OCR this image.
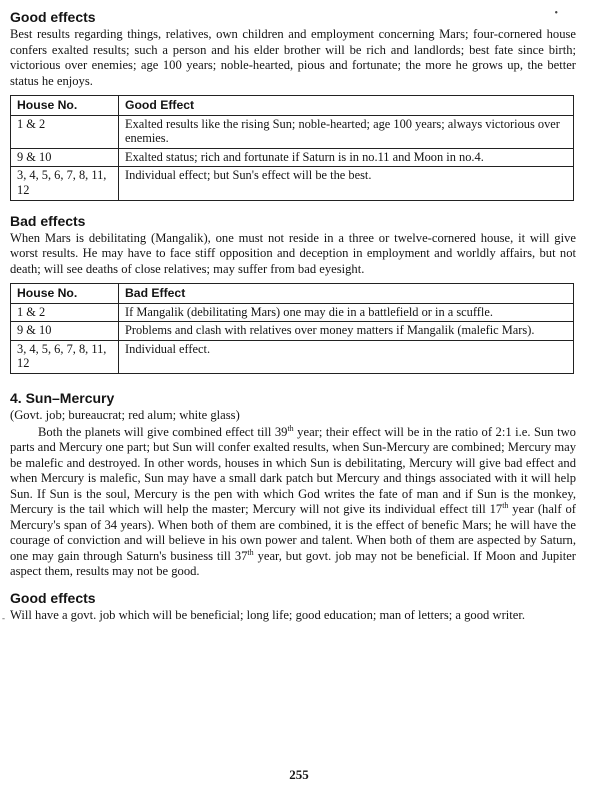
•
-
Good effects

Best results regarding things, relatives, own children and employment concerning Mars; four-cornered house confers exalted results; such a person and his elder brother will be rich and landlords; best fate since birth; victorious over enemies; age 100 years; noble-hearted, pious and fortunate; the more he grows up, the better status he enjoys.

House No.	Good Effect
1 & 2	Exalted results like the rising Sun; noble-hearted; age 100 years; always victorious over enemies.
9 & 10	Exalted status; rich and fortunate if Saturn is in no.11 and Moon in no.4.
3, 4, 5, 6, 7, 8, 11, 12	Individual effect; but Sun's effect will be the best.
Bad effects

When Mars is debilitating (Mangalik), one must not reside in a three or twelve-cornered house, it will give worst results. He may have to face stiff opposition and deception in employment and worldly affairs, but not death; will see deaths of close relatives; may suffer from bad eyesight.

House No.	Bad Effect
1 & 2	If Mangalik (debilitating Mars) one may die in a battlefield or in a scuffle.
9 & 10	Problems and clash with relatives over money matters if Mangalik (malefic Mars).
3, 4, 5, 6, 7, 8, 11, 12	Individual effect.
4. Sun–Mercury

(Govt. job; bureaucrat; red alum; white glass)

Both the planets will give combined effect till 39th year; their effect will be in the ratio of 2:1 i.e. Sun two parts and Mercury one part; but Sun will confer exalted results, when Sun-Mercury are combined; Mercury may be malefic and destroyed. In other words, houses in which Sun is debilitating, Mercury will give bad effect and when Mercury is malefic, Sun may have a small dark patch but Mercury and things associated with it will help Sun. If Sun is the soul, Mercury is the pen with which God writes the fate of man and if Sun is the monkey, Mercury is the tail which will help the master; Mercury will not give its individual effect till 17th year (half of Mercury's span of 34 years). When both of them are combined, it is the effect of benefic Mars; he will have the courage of conviction and will believe in his own power and talent. When both of them are aspected by Saturn, one may gain through Saturn's business till 37th year, but govt. job may not be beneficial. If Moon and Jupiter aspect them, results may not be good.

Good effects

Will have a govt. job which will be beneficial; long life; good education; man of letters; a good writer.

255
